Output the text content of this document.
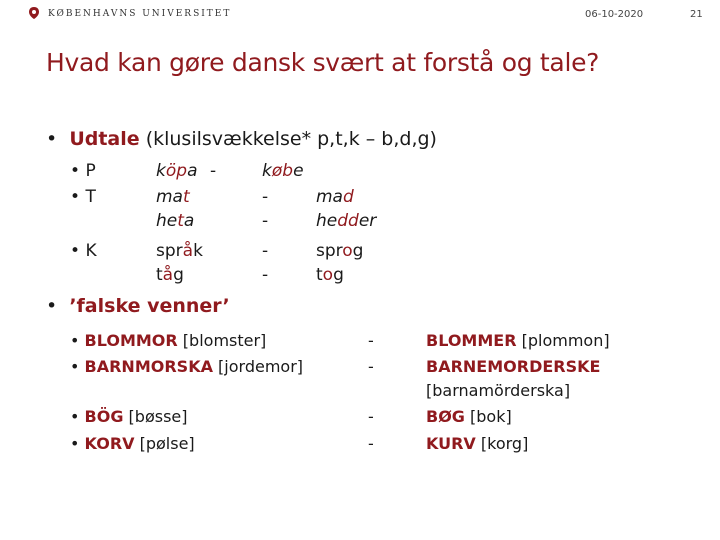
KØBENHAVNS UNIVERSITET	06-10-2020	21
Hvad kan gøre dansk svært at forstå og tale?
• Udtale (klusilsvækkelse* p,t,k – b,d,g)
• P	köpa -	købe
• T	mat	-	mad
heta	-	hedder
• K	språk	-	sprog
tåg	-	tog
• ’falske venner’
• BLOMMOR [blomster]	-	BLOMMER [plommon]
• BARNMORSKA [jordemor]	-	BARNEMORDERSKE
[barnamörderska]
• BÖG [bøsse]	-	BØG [bok]
• KORV [pølse]	-	KURV [korg]
